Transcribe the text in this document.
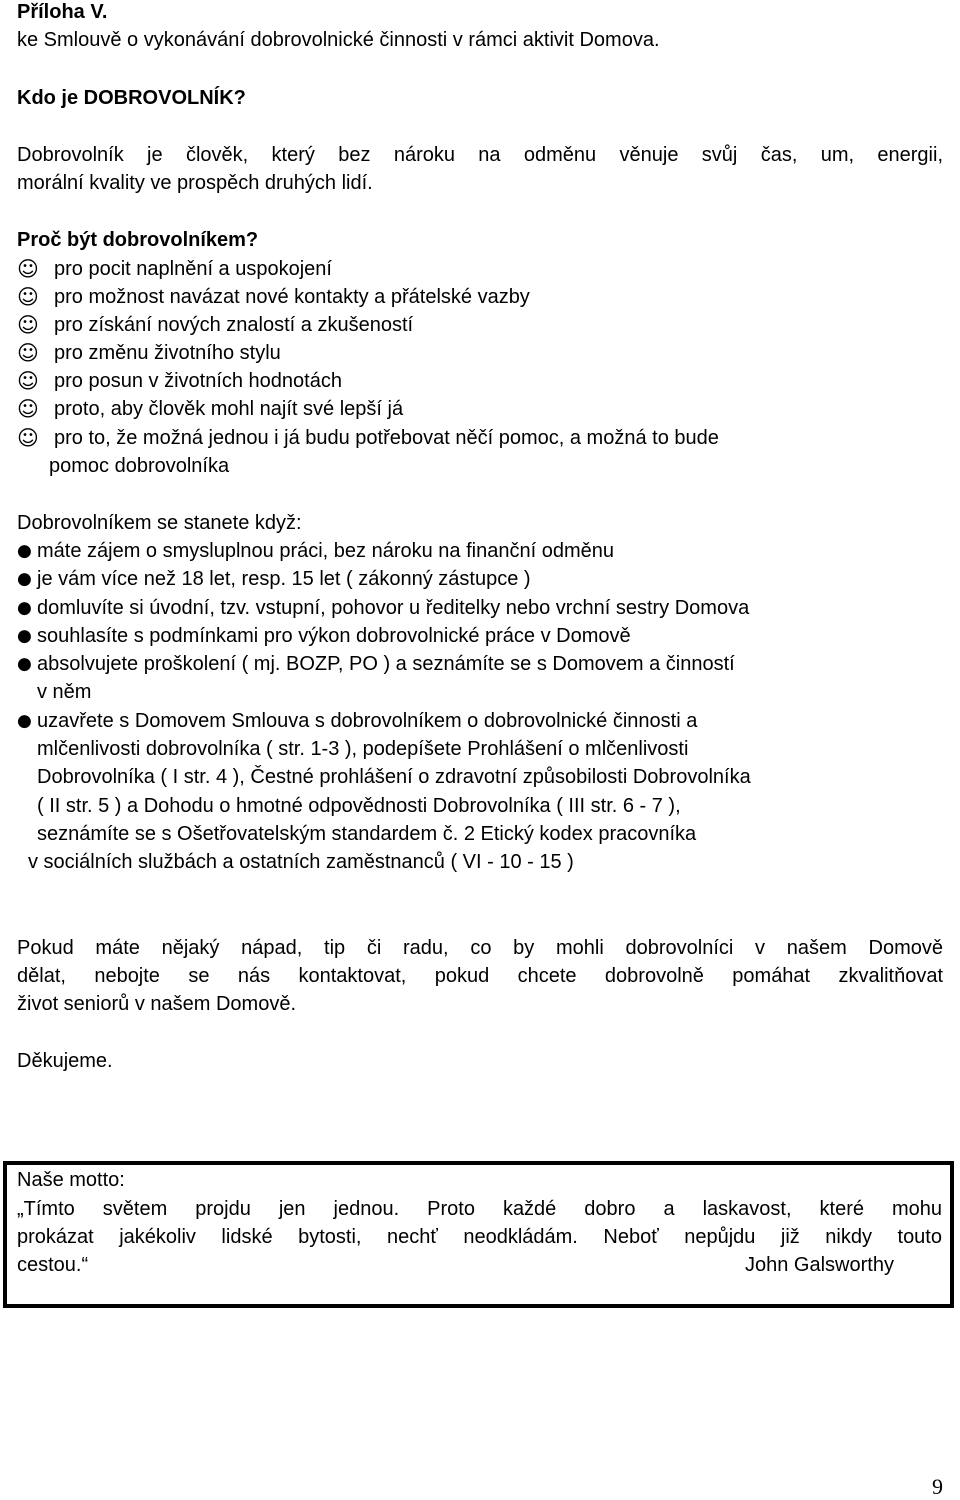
Příloha V.
ke Smlouvě o vykonávání dobrovolnické činnosti v rámci aktivit Domova.
Kdo je DOBROVOLNÍK?
Dobrovolník je člověk, který bez nároku na odměnu věnuje svůj čas, um, energii,
morální kvality ve prospěch druhých lidí.
Proč být dobrovolníkem?
☺ pro pocit naplnění a uspokojení
☺ pro možnost navázat nové kontakty a přátelské vazby
☺ pro získání nových znalostí a zkušeností
☺ pro změnu životního stylu
☺ pro posun v životních hodnotách
☺ proto, aby člověk mohl najít své lepší já
☺ pro to, že možná jednou i já budu potřebovat něčí pomoc, a možná to bude
pomoc dobrovolníka
Dobrovolníkem se stanete když:
● máte zájem o smysluplnou práci, bez nároku na finanční odměnu
● je vám více než 18 let, resp. 15 let ( zákonný zástupce )
● domluvíte si úvodní, tzv. vstupní, pohovor u ředitelky nebo vrchní sestry Domova
● souhlasíte s podmínkami pro výkon dobrovolnické práce v Domově
● absolvujete proškolení ( mj. BOZP, PO ) a seznámíte se s Domovem a činností
v něm
● uzavřete s Domovem Smlouva s dobrovolníkem o dobrovolnické činnosti a
mlčenlivosti dobrovolníka ( str. 1-3 ), podepíšete Prohlášení o mlčenlivosti
Dobrovolníka ( I str. 4 ), Čestné prohlášení o zdravotní způsobilosti Dobrovolníka
( II str. 5 ) a Dohodu o hmotné odpovědnosti Dobrovolníka ( III str. 6 - 7 ),
seznámíte se s Ošetřovatelským standardem č. 2 Etický kodex pracovníka
v sociálních službách a ostatních zaměstnanců ( VI - 10 - 15 )
Pokud máte nějaký nápad, tip či radu, co by mohli dobrovolníci v našem Domově
dělat, nebojte se nás kontaktovat, pokud chcete dobrovolně pomáhat zkvalitňovat
život seniorů v našem Domově.
Děkujeme.
Naše motto:
„Tímto světem projdu jen jednou. Proto každé dobro a laskavost, které mohu
prokázat jakékoliv lidské bytosti, nechť neodkládám. Neboť nepůjdu již nikdy touto
cestou.“	John Galsworthy
9
